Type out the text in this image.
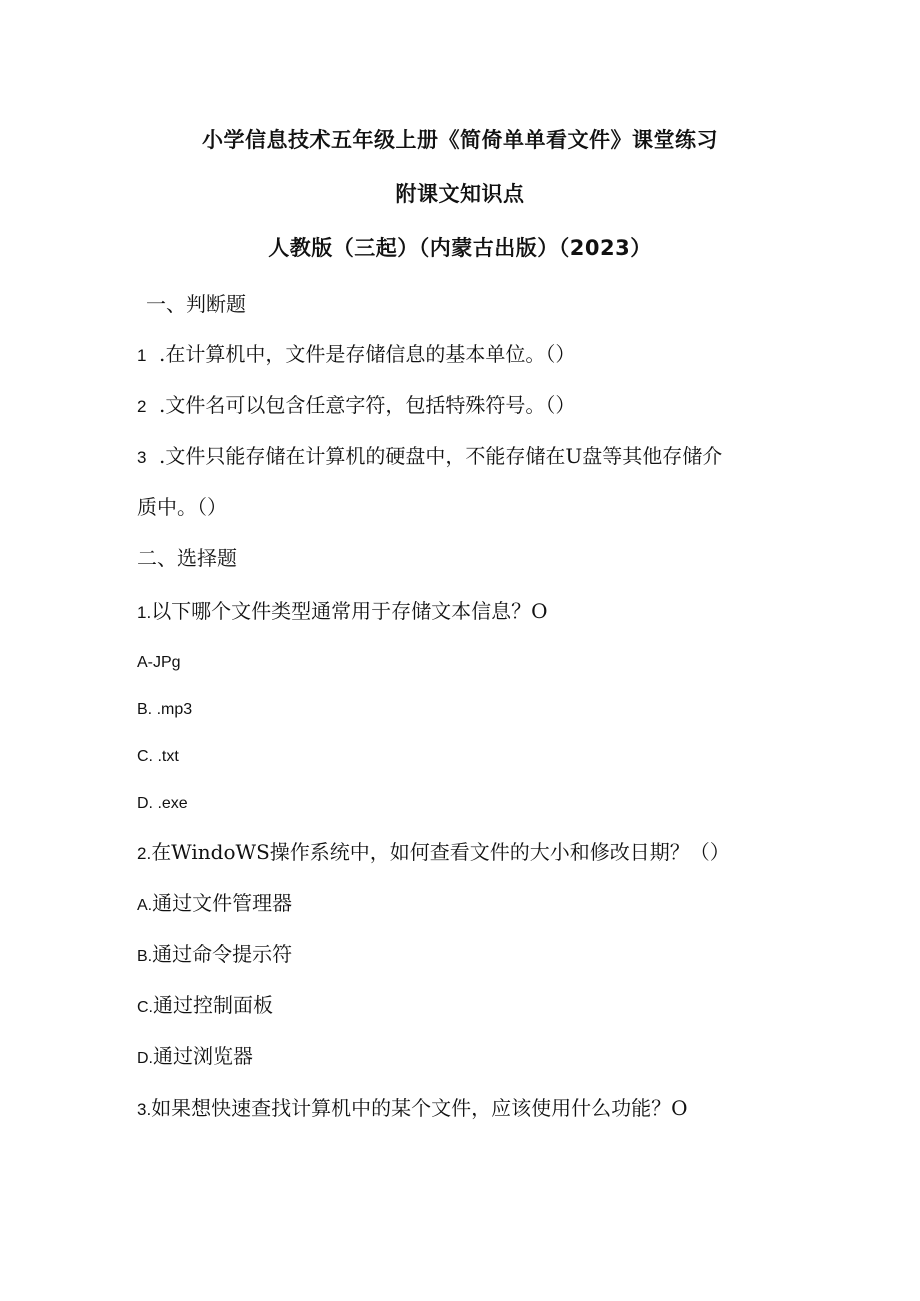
小学信息技术五年级上册《简倚单单看文件》课堂练习
附课文知识点
人教版（三起）（内蒙古出版）（2023）
一、判断题
1 .在计算机中，文件是存储信息的基本单位。（）
2 .文件名可以包含任意字符，包括特殊符号。（）
3 .文件只能存储在计算机的硬盘中，不能存储在U盘等其他存储介
质中。（）
二、选择题
1.以下哪个文件类型通常用于存储文本信息？O
A-JPg
B. .mp3
C. .txt
D. .exe
2.在WindoWS操作系统中，如何查看文件的大小和修改日期？（）
A.通过文件管理器
B.通过命令提示符
C.通过控制面板
D.通过浏览器
3.如果想快速查找计算机中的某个文件，应该使用什么功能？O
